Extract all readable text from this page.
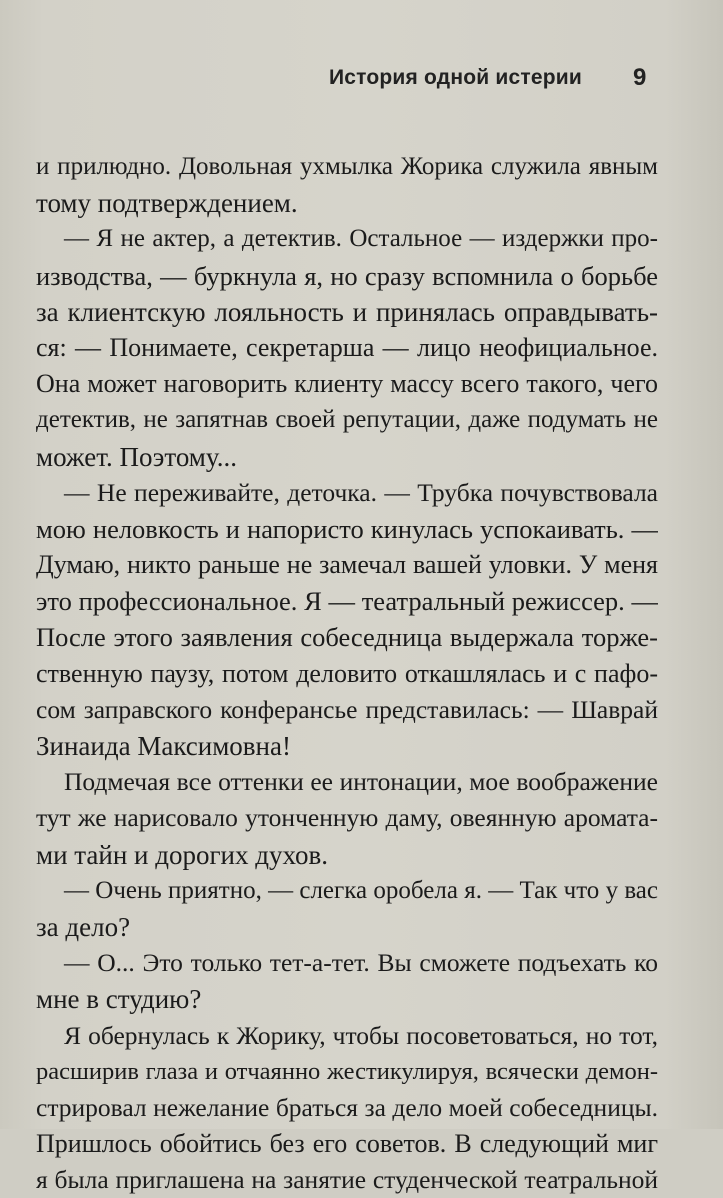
История одной истерии 9
и прилюдно. Довольная ухмылка Жорика служила явным
тому подтверждением.
— Я не актер, а детектив. Остальное — издержки про-
изводства, — буркнула я, но сразу вспомнила о борьбе
за клиентскую лояльность и принялась оправдывать-
ся: — Понимаете, секретарша — лицо неофициальное.
Она может наговорить клиенту массу всего такого, чего
детектив, не запятнав своей репутации, даже подумать не
может. Поэтому...
— Не переживайте, деточка. — Трубка почувствовала
мою неловкость и напористо кинулась успокаивать. —
Думаю, никто раньше не замечал вашей уловки. У меня
это профессиональное. Я — театральный режиссер. —
После этого заявления собеседница выдержала торже-
ственную паузу, потом деловито откашлялась и с пафо-
сом заправского конферансье представилась: — Шаврай
Зинаида Максимовна!
Подмечая все оттенки ее интонации, мое воображение
тут же нарисовало утонченную даму, овеянную аромата-
ми тайн и дорогих духов.
— Очень приятно, — слегка оробела я. — Так что у вас
за дело?
— О... Это только тет-а-тет. Вы сможете подъехать ко
мне в студию?
Я обернулась к Жорику, чтобы посоветоваться, но тот,
расширив глаза и отчаянно жестикулируя, всячески демон-
стрировал нежелание браться за дело моей собеседницы.
Пришлось обойтись без его советов. В следующий миг
я была приглашена на занятие студенческой театральной
